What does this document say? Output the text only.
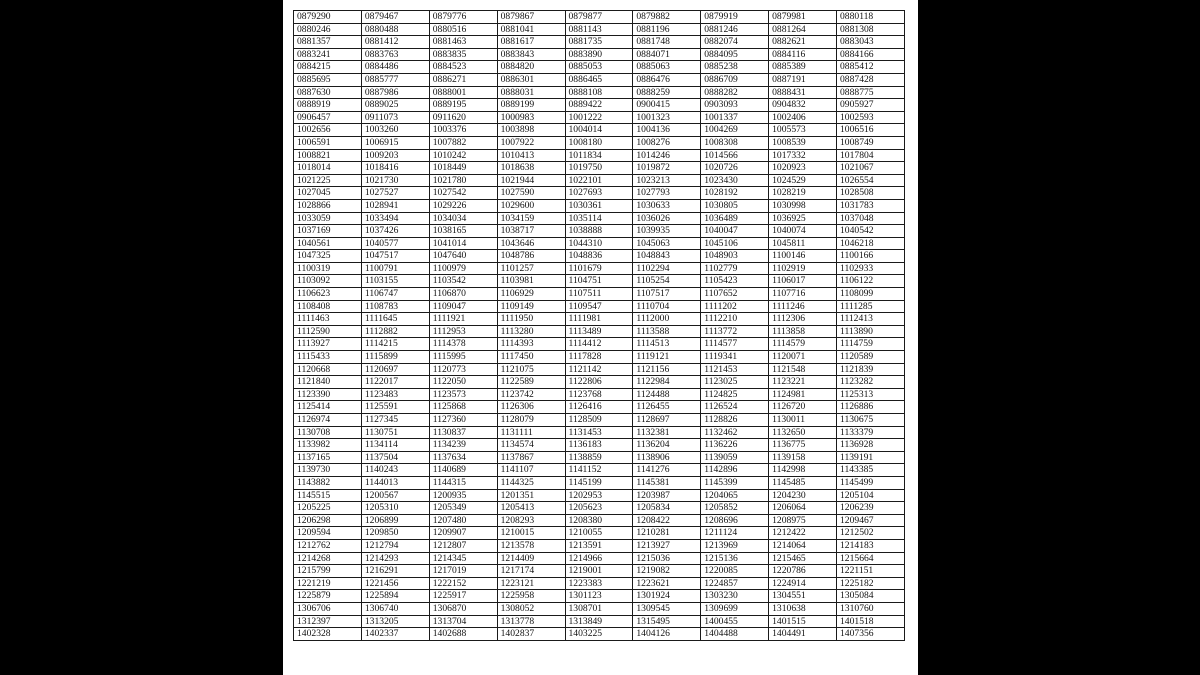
0879290	0879467	0879776	0879867	0879877	0879882	0879919	0879981	0880118
0880246	0880488	0880516	0881041	0881143	0881196	0881246	0881264	0881308
0881357	0881412	0881463	0881617	0881735	0881748	0882074	0882621	0883043
0883241	0883763	0883835	0883843	0883890	0884071	0884095	0884116	0884166
0884215	0884486	0884523	0884820	0885053	0885063	0885238	0885389	0885412
0885695	0885777	0886271	0886301	0886465	0886476	0886709	0887191	0887428
0887630	0887986	0888001	0888031	0888108	0888259	0888282	0888431	0888775
0888919	0889025	0889195	0889199	0889422	0900415	0903093	0904832	0905927
0906457	0911073	0911620	1000983	1001222	1001323	1001337	1002406	1002593
1002656	1003260	1003376	1003898	1004014	1004136	1004269	1005573	1006516
1006591	1006915	1007882	1007922	1008180	1008276	1008308	1008539	1008749
1008821	1009203	1010242	1010413	1011834	1014246	1014566	1017332	1017804
1018014	1018416	1018449	1018638	1019750	1019872	1020726	1020923	1021067
1021225	1021730	1021780	1021944	1022101	1023213	1023430	1024529	1026554
1027045	1027527	1027542	1027590	1027693	1027793	1028192	1028219	1028508
1028866	1028941	1029226	1029600	1030361	1030633	1030805	1030998	1031783
1033059	1033494	1034034	1034159	1035114	1036026	1036489	1036925	1037048
1037169	1037426	1038165	1038717	1038888	1039935	1040047	1040074	1040542
1040561	1040577	1041014	1043646	1044310	1045063	1045106	1045811	1046218
1047325	1047517	1047640	1048786	1048836	1048843	1048903	1100146	1100166
1100319	1100791	1100979	1101257	1101679	1102294	1102779	1102919	1102933
1103092	1103155	1103542	1103981	1104751	1105254	1105423	1106017	1106122
1106623	1106747	1106870	1106929	1107511	1107517	1107652	1107716	1108099
1108408	1108783	1109047	1109149	1109547	1110704	1111202	1111246	1111285
1111463	1111645	1111921	1111950	1111981	1112000	1112210	1112306	1112413
1112590	1112882	1112953	1113280	1113489	1113588	1113772	1113858	1113890
1113927	1114215	1114378	1114393	1114412	1114513	1114577	1114579	1114759
1115433	1115899	1115995	1117450	1117828	1119121	1119341	1120071	1120589
1120668	1120697	1120773	1121075	1121142	1121156	1121453	1121548	1121839
1121840	1122017	1122050	1122589	1122806	1122984	1123025	1123221	1123282
1123390	1123483	1123573	1123742	1123768	1124488	1124825	1124981	1125313
1125414	1125591	1125868	1126306	1126416	1126455	1126524	1126720	1126886
1126974	1127345	1127360	1128079	1128509	1128697	1128826	1130011	1130675
1130708	1130751	1130837	1131111	1131453	1132381	1132462	1132650	1133379
1133982	1134114	1134239	1134574	1136183	1136204	1136226	1136775	1136928
1137165	1137504	1137634	1137867	1138859	1138906	1139059	1139158	1139191
1139730	1140243	1140689	1141107	1141152	1141276	1142896	1142998	1143385
1143882	1144013	1144315	1144325	1145199	1145381	1145399	1145485	1145499
1145515	1200567	1200935	1201351	1202953	1203987	1204065	1204230	1205104
1205225	1205310	1205349	1205413	1205623	1205834	1205852	1206064	1206239
1206298	1206899	1207480	1208293	1208380	1208422	1208696	1208975	1209467
1209594	1209850	1209907	1210015	1210055	1210281	1211124	1212422	1212502
1212762	1212794	1212807	1213578	1213591	1213927	1213969	1214064	1214183
1214268	1214293	1214345	1214409	1214966	1215036	1215136	1215465	1215664
1215799	1216291	1217019	1217174	1219001	1219082	1220085	1220786	1221151
1221219	1221456	1222152	1223121	1223383	1223621	1224857	1224914	1225182
1225879	1225894	1225917	1225958	1301123	1301924	1303230	1304551	1305084
1306706	1306740	1306870	1308052	1308701	1309545	1309699	1310638	1310760
1312397	1313205	1313704	1313778	1313849	1315495	1400455	1401515	1401518
1402328	1402337	1402688	1402837	1403225	1404126	1404488	1404491	1407356
